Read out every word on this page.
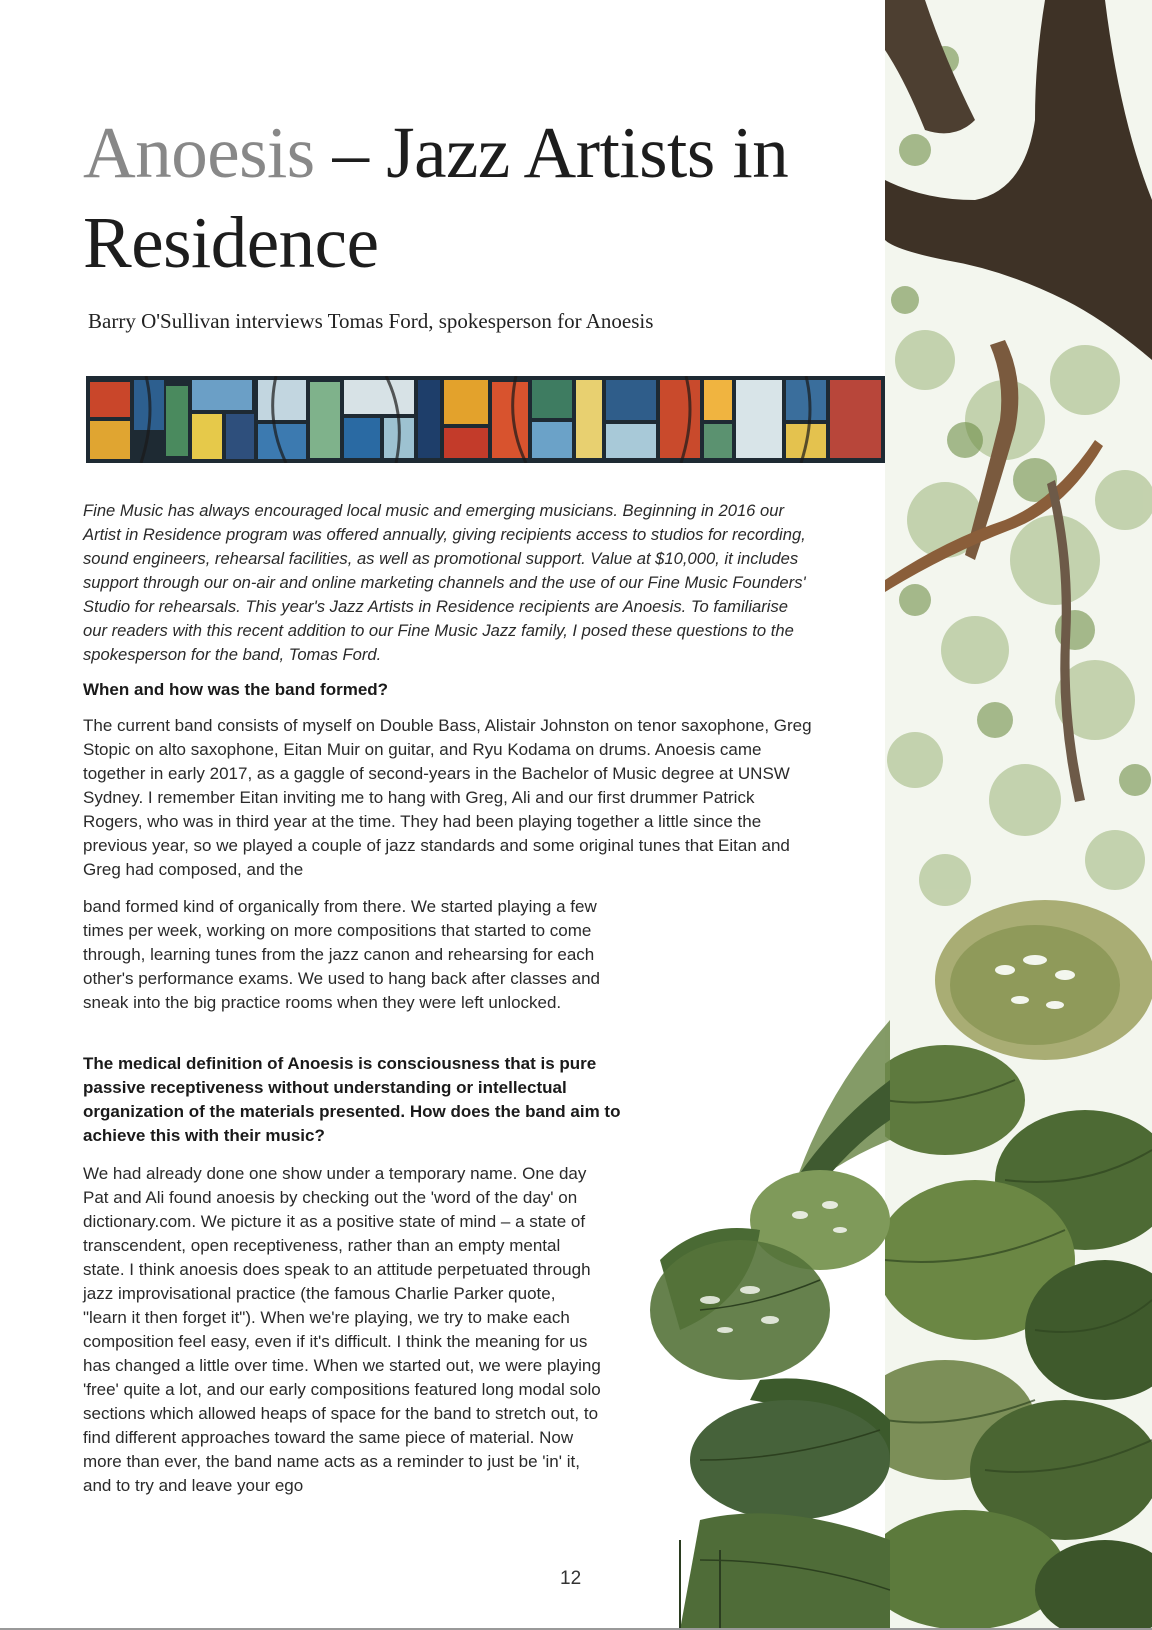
Anoesis – Jazz Artists in Residence

Barry O'Sullivan interviews Tomas Ford, spokesperson for Anoesis

Fine Music has always encouraged local music and emerging musicians. Beginning in 2016 our Artist in Residence program was offered annually, giving recipients access to studios for recording, sound engineers, rehearsal facilities, as well as promotional support. Value at $10,000, it includes support through our on-air and online marketing channels and the use of our Fine Music Founders' Studio for rehearsals. This year's Jazz Artists in Residence recipients are Anoesis. To familiarise our readers with this recent addition to our Fine Music Jazz family, I posed these questions to the spokesperson for the band, Tomas Ford.

When and how was the band formed?

The current band consists of myself on Double Bass, Alistair Johnston on tenor saxophone, Greg Stopic on alto saxophone, Eitan Muir on guitar, and Ryu Kodama on drums. Anoesis came together in early 2017, as a gaggle of second-years in the Bachelor of Music degree at UNSW Sydney. I remember Eitan inviting me to hang with Greg, Ali and our first drummer Patrick Rogers, who was in third year at the time. They had been playing together a little since the previous year, so we played a couple of jazz standards and some original tunes that Eitan and Greg had composed, and the

band formed kind of organically from there. We started playing a few times per week, working on more compositions that started to come through, learning tunes from the jazz canon and rehearsing for each other's performance exams. We used to hang back after classes and sneak into the big practice rooms when they were left unlocked.

The medical definition of Anoesis is consciousness that is pure passive receptiveness without understanding or intellectual organization of the materials presented. How does the band aim to achieve this with their music?

We had already done one show under a temporary name. One day Pat and Ali found anoesis by checking out the 'word of the day' on dictionary.com. We picture it as a positive state of mind – a state of transcendent, open receptiveness, rather than an empty mental state. I think anoesis does speak to an attitude perpetuated through jazz improvisational practice (the famous Charlie Parker quote, "learn it then forget it"). When we're playing, we try to make each composition feel easy, even if it's difficult. I think the meaning for us has changed a little over time. When we started out, we were playing 'free' quite a lot, and our early compositions featured long modal solo sections which allowed heaps of space for the band to stretch out, to find different approaches toward the same piece of material. Now more than ever, the band name acts as a reminder to just be 'in' it, and to try and leave your ego

12
